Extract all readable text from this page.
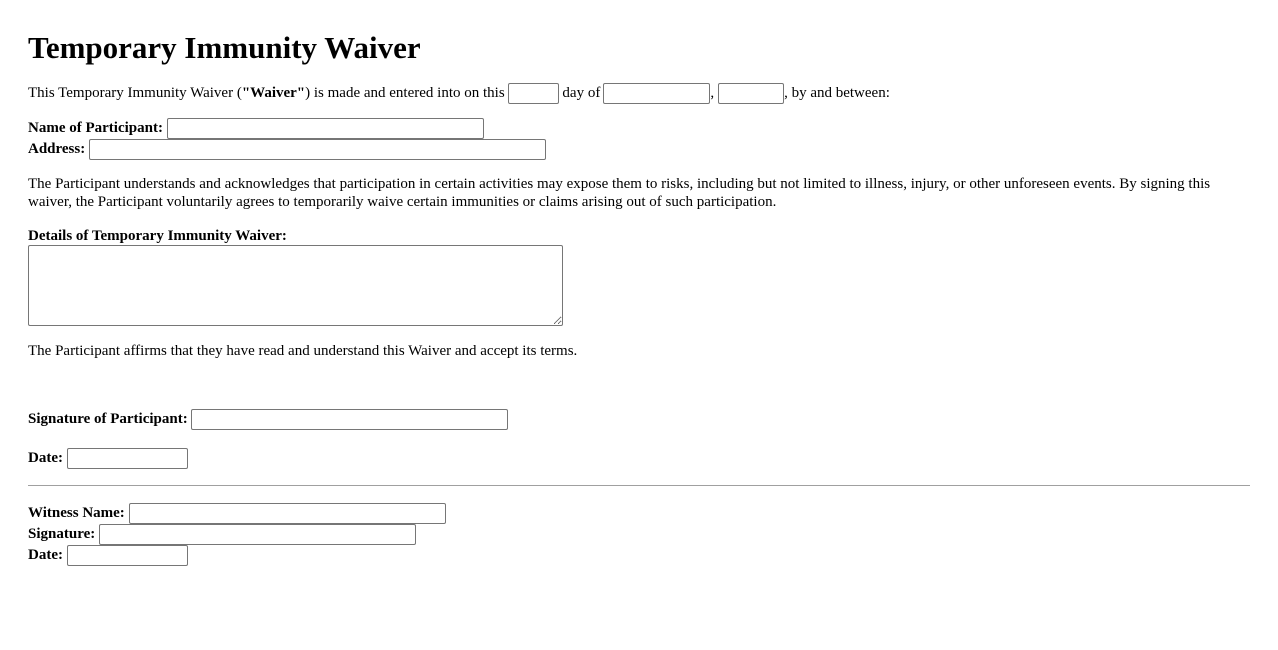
Temporary Immunity Waiver

This Temporary Immunity Waiver ("Waiver") is made and entered into on this	day of	,	, by and between:

Name of Participant:
Address:

The Participant understands and acknowledges that participation in certain activities may expose them to risks, including but not limited to illness, injury, or other unforeseen events. By signing this waiver, the Participant voluntarily agrees to temporarily waive certain immunities or claims arising out of such participation.

Details of Temporary Immunity Waiver:

The Participant affirms that they have read and understand this Waiver and accept its terms.

Signature of Participant:
Date:
Witness Name:
Signature:
Date:
